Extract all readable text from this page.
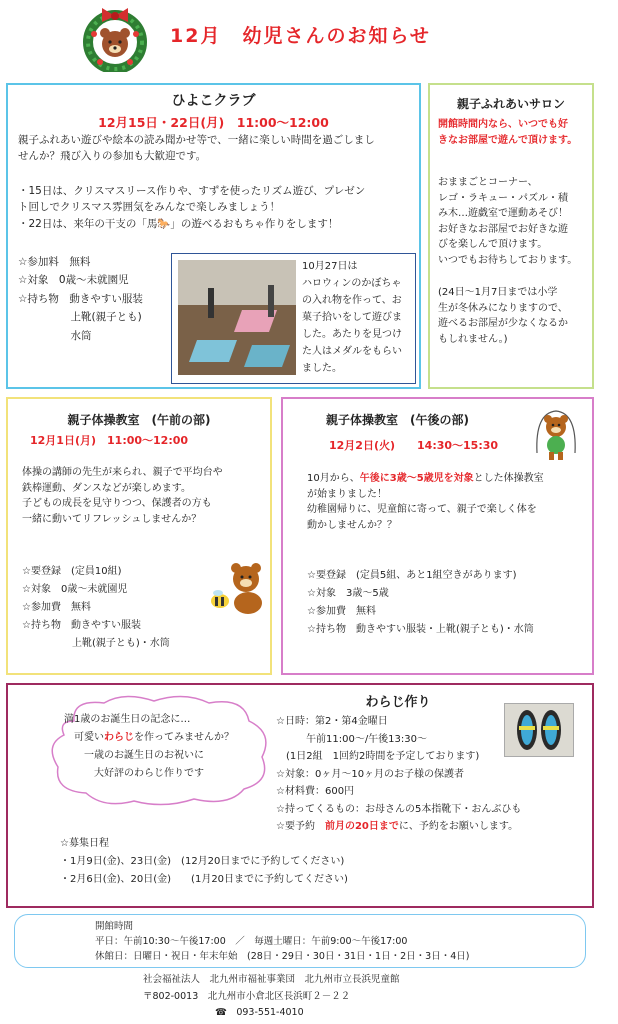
12月　幼児さんのお知らせ
ひよこクラブ
12月15日・22日(月)　11:00～12:00

親子ふれあい遊びや絵本の読み聞かせ等で、一緒に楽しい時間を過ごしまし

せんか？飛び入りの参加も大歓迎です。

・15日は、クリスマスリース作りや、すずを使ったリズム遊び、プレゼン

ト回しでクリスマス雰囲気をみんなで楽しみましょう！

・22日は、来年の干支の「馬🐎」の遊べるおもちゃ作りをします！

☆参加料　無料

☆対象　0歳～未就園児

☆持ち物　動きやすい服装

　　　　　上靴(親子とも)

　　　　　水筒

10月27日は

ハロウィンのかぼちゃ

の入れ物を作って、お

菓子拾いをして遊びま

した。あたりを見つけ

た人はメダルをもらい

ました。

親子ふれあいサロン

開館時間内なら、いつでも好

きなお部屋で遊んで頂けます。

おままごとコーナー、

レゴ・ラキュー・パズル・積

み木…遊戯室で運動あそび！

お好きなお部屋でお好きな遊

びを楽しんで頂けます。

いつでもお待ちしております。

(24日～1月7日までは小学

生が冬休みになりますので、

遊べるお部屋が少なくなるか

もしれません。)

親子体操教室　(午前の部)
12月1日(月)　11:00～12:00

体操の講師の先生が来られ、親子で平均台や

鉄棒運動、ダンスなどが楽しめます。

子どもの成長を見守りつつ、保護者の方も

一緒に動いてリフレッシュしませんか？

☆要登録　(定員10組)

☆対象　0歳～未就園児

☆参加費　無料

☆持ち物　動きやすい服装

　　　　　上靴(親子とも)・水筒

親子体操教室　(午後の部)
12月2日(火)　　14:30～15:30

10月から、午後に3歳～5歳児を対象とした体操教室

が始まりました！

幼稚園帰りに、児童館に寄って、親子で楽しく体を

動かしませんか？？

☆要登録　(定員5組、あと1組空きがあります)

☆対象　3歳～5歳

☆参加費　無料

☆持ち物　動きやすい服装・上靴(親子とも)・水筒

満1歳のお誕生日の記念に…

　可愛いわらじを作ってみませんか？

　　一歳のお誕生日のお祝いに

　　　大好評のわらじ作りです

わらじ作り

☆日時：第2・第4金曜日

　　　午前11:00～/午後13:30～

　(1日2組　1回約2時間を予定しております)

☆対象：0ヶ月～10ヶ月のお子様の保護者

☆材料費：600円

☆持ってくるもの：お母さんの5本指靴下・おんぶひも

☆要予約　前月の20日までに、予約をお願いします。

☆募集日程

・1月9日(金)、23日(金)　(12月20日までに予約してください)

・2月6日(金)、20日(金)　　(1月20日までに予約してください)

開館時間

平日：午前10:30～午後17:00　／　毎週土曜日：午前9:00～午後17:00

休館日：日曜日・祝日・年末年始　(28日・29日・30日・31日・1日・2日・3日・4日)

社会福祉法人　北九州市福祉事業団　北九州市立長浜児童館

〒802-0013　北九州市小倉北区長浜町２－２２

☎　093-551-4010
